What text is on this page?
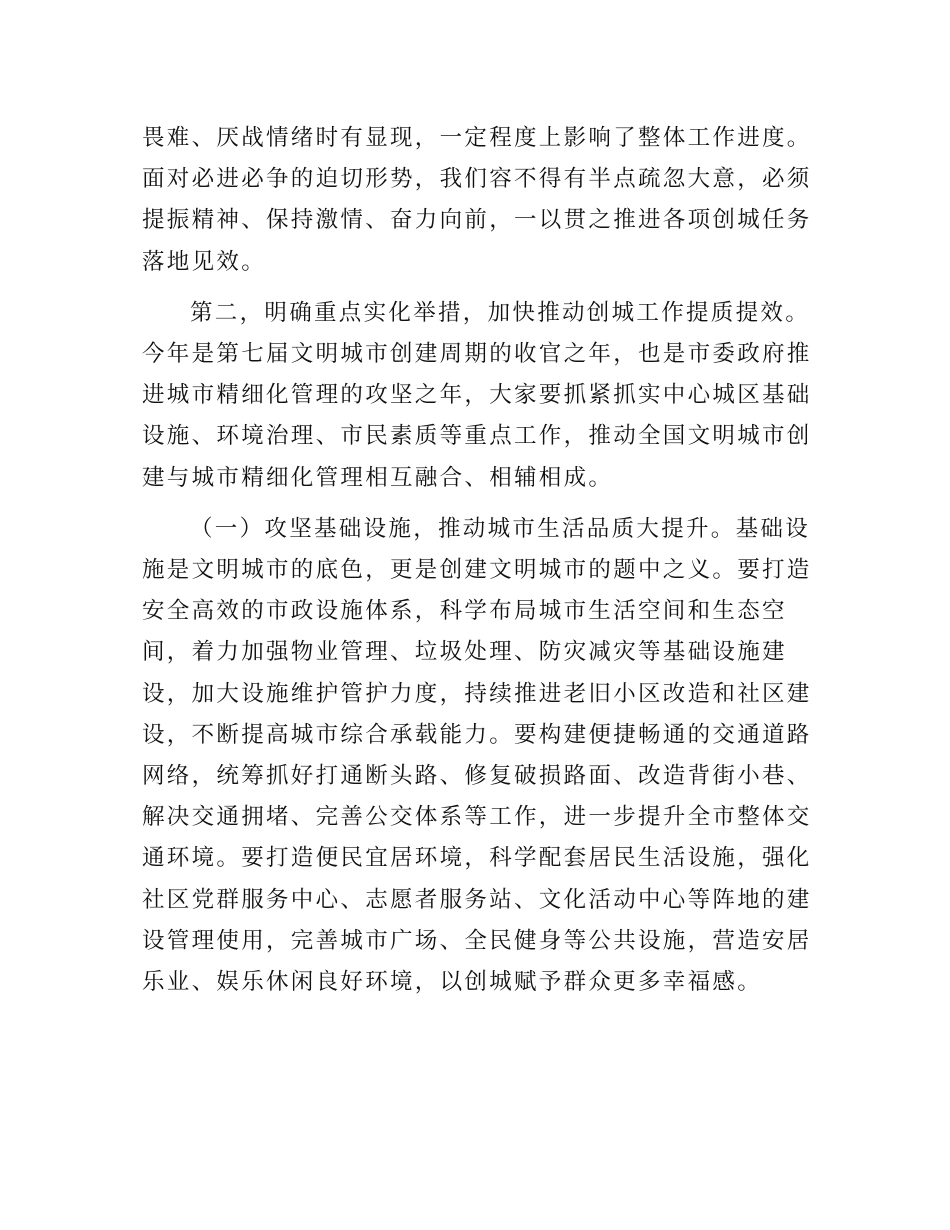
畏难、厌战情绪时有显现，一定程度上影响了整体工作进度。
面对必进必争的迫切形势，我们容不得有半点疏忽大意，必须
提振精神、保持激情、奋力向前，一以贯之推进各项创城任务
落地见效。
第二，明确重点实化举措，加快推动创城工作提质提效。
今年是第七届文明城市创建周期的收官之年，也是市委政府推
进城市精细化管理的攻坚之年，大家要抓紧抓实中心城区基础
设施、环境治理、市民素质等重点工作，推动全国文明城市创
建与城市精细化管理相互融合、相辅相成。
（一）攻坚基础设施，推动城市生活品质大提升。基础设
施是文明城市的底色，更是创建文明城市的题中之义。要打造
安全高效的市政设施体系，科学布局城市生活空间和生态空
间，着力加强物业管理、垃圾处理、防灾减灾等基础设施建
设，加大设施维护管护力度，持续推进老旧小区改造和社区建
设，不断提高城市综合承载能力。要构建便捷畅通的交通道路
网络，统筹抓好打通断头路、修复破损路面、改造背街小巷、
解决交通拥堵、完善公交体系等工作，进一步提升全市整体交
通环境。要打造便民宜居环境，科学配套居民生活设施，强化
社区党群服务中心、志愿者服务站、文化活动中心等阵地的建
设管理使用，完善城市广场、全民健身等公共设施，营造安居
乐业、娱乐休闲良好环境，以创城赋予群众更多幸福感。
